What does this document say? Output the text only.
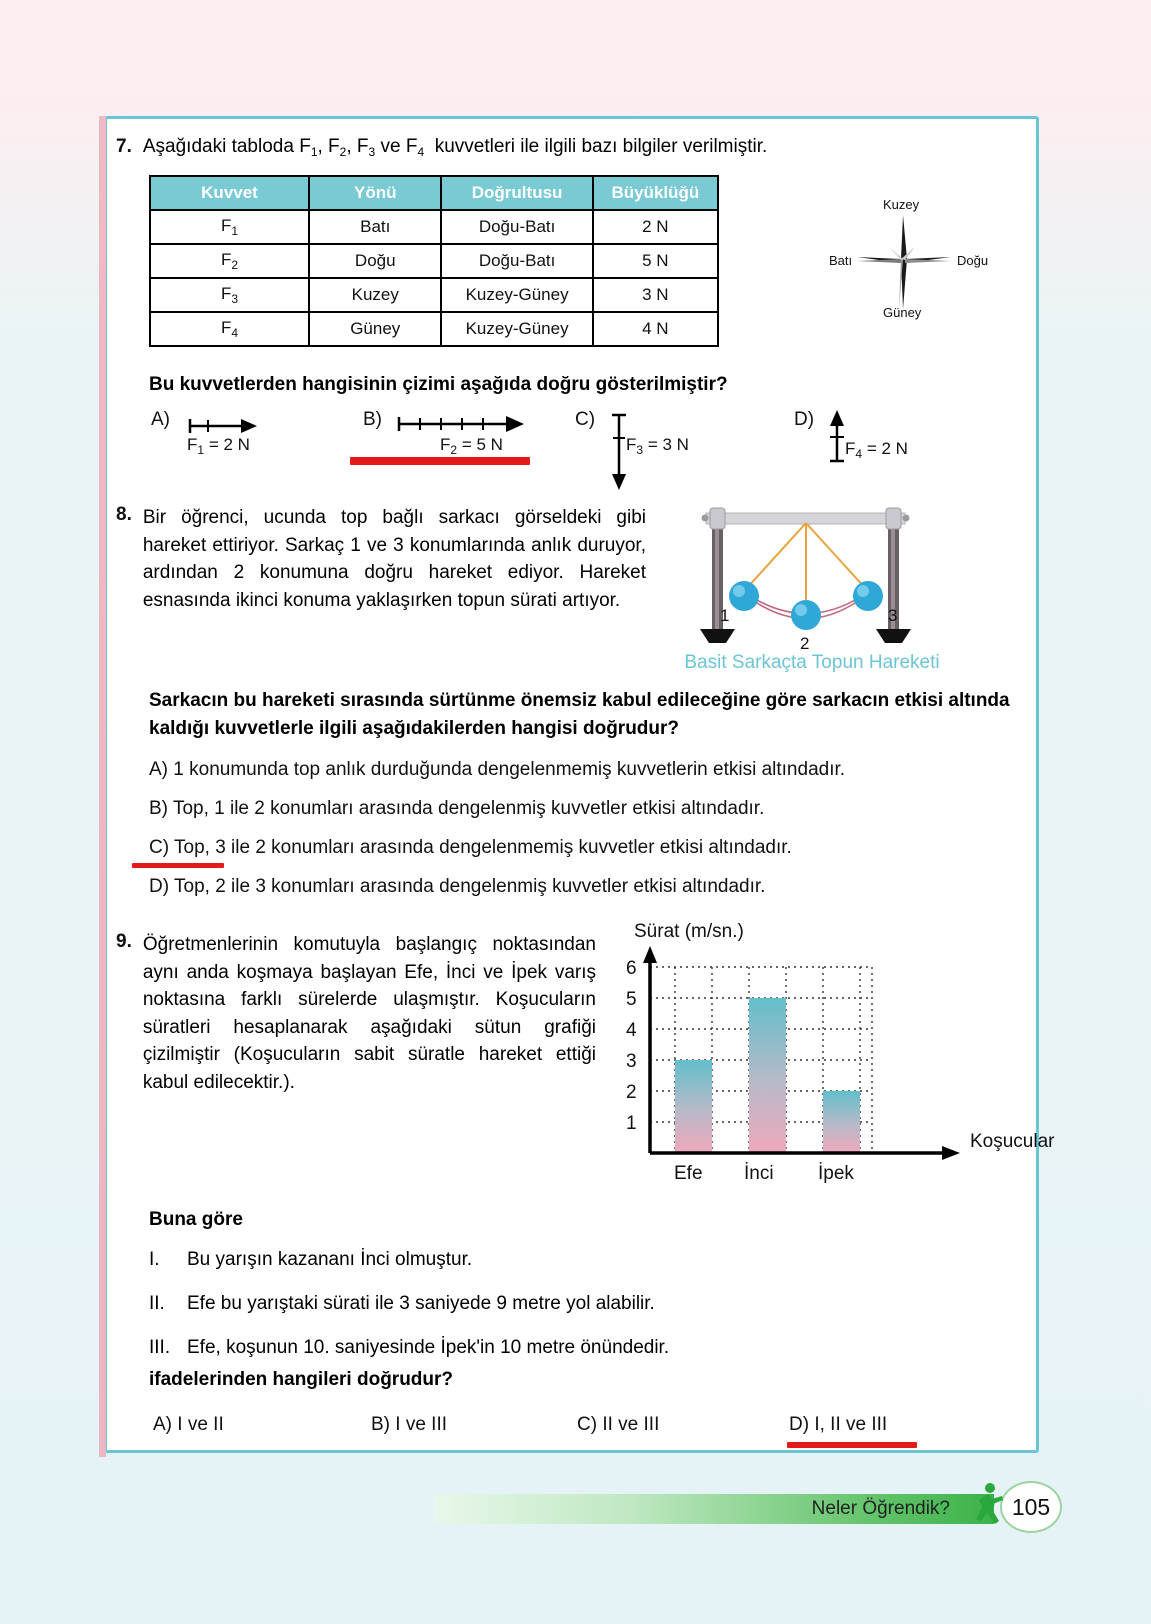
7. Aşağıdaki tabloda $F_1$, $F_2$, $F_3$ ve $F_4$  kuvvetleri ile ilgili bazı bilgiler verilmiştir.
Kuvvet	Yönü	Doğrultusu	Büyüklüğü
$F_1$	Batı	Doğu-Batı	2 N
$F_2$	Doğu	Doğu-Batı	5 N
$F_3$	Kuzey	Kuzey-Güney	3 N
$F_4$	Güney	Kuzey-Güney	4 N
Kuzey
Güney
Doğu
Batı
Bu kuvvetlerden hangisinin çizimi aşağıda doğru gösterilmiştir?
A)
$F_1 = 2$ N
B)
$F_2 = 5$ N
C)
$F_3 = 3$ N
D)
$F_4 = 2$ N
8. Bir öğrenci, ucunda top bağlı sarkacı görseldeki gibi hareket ettiriyor. Sarkaç 1 ve 3 konumlarında anlık duruyor, ardından 2 konumuna doğru hareket ediyor. Hareket esnasında ikinci konuma yaklaşırken topun sürati artıyor.
1
2
3
Basit Sarkaçta Topun Hareketi
Sarkacın bu hareketi sırasında sürtünme önemsiz kabul edileceğine göre sarkacın etkisi altında kaldığı kuvvetlerle ilgili aşağıdakilerden hangisi doğrudur?
A) 1 konumunda top anlık durduğunda dengelenmemiş kuvvetlerin etkisi altındadır.
B) Top, 1 ile 2 konumları arasında dengelenmiş kuvvetler etkisi altındadır.
C) Top, 3 ile 2 konumları arasında dengelenmemiş kuvvetler etkisi altındadır.
D) Top, 2 ile 3 konumları arasında dengelenmiş kuvvetler etkisi altındadır.
9. Öğretmenlerinin komutuyla başlangıç noktasından aynı anda koşmaya başlayan Efe, İnci ve İpek varış noktasına farklı sürelerde ulaşmıştır. Koşucuların süratleri hesaplanarak aşağıdaki sütun grafiği çizilmiştir (Koşucuların sabit süratle hareket ettiği kabul edilecektir.).
Sürat (m/sn.)
6
5
4
3
2
1
Efe İnci İpek
Koşucular
Buna göre
I.	Bu yarışın kazananı İnci olmuştur.
II.	Efe bu yarıştaki sürati ile 3 saniyede 9 metre yol alabilir.
III. Efe, koşunun 10. saniyesinde İpek'in 10 metre önündedir.
ifadelerinden hangileri doğrudur?
A) I ve II	B) I ve III	C) II ve III	D) I, II ve III
Neler Öğrendik?	105
